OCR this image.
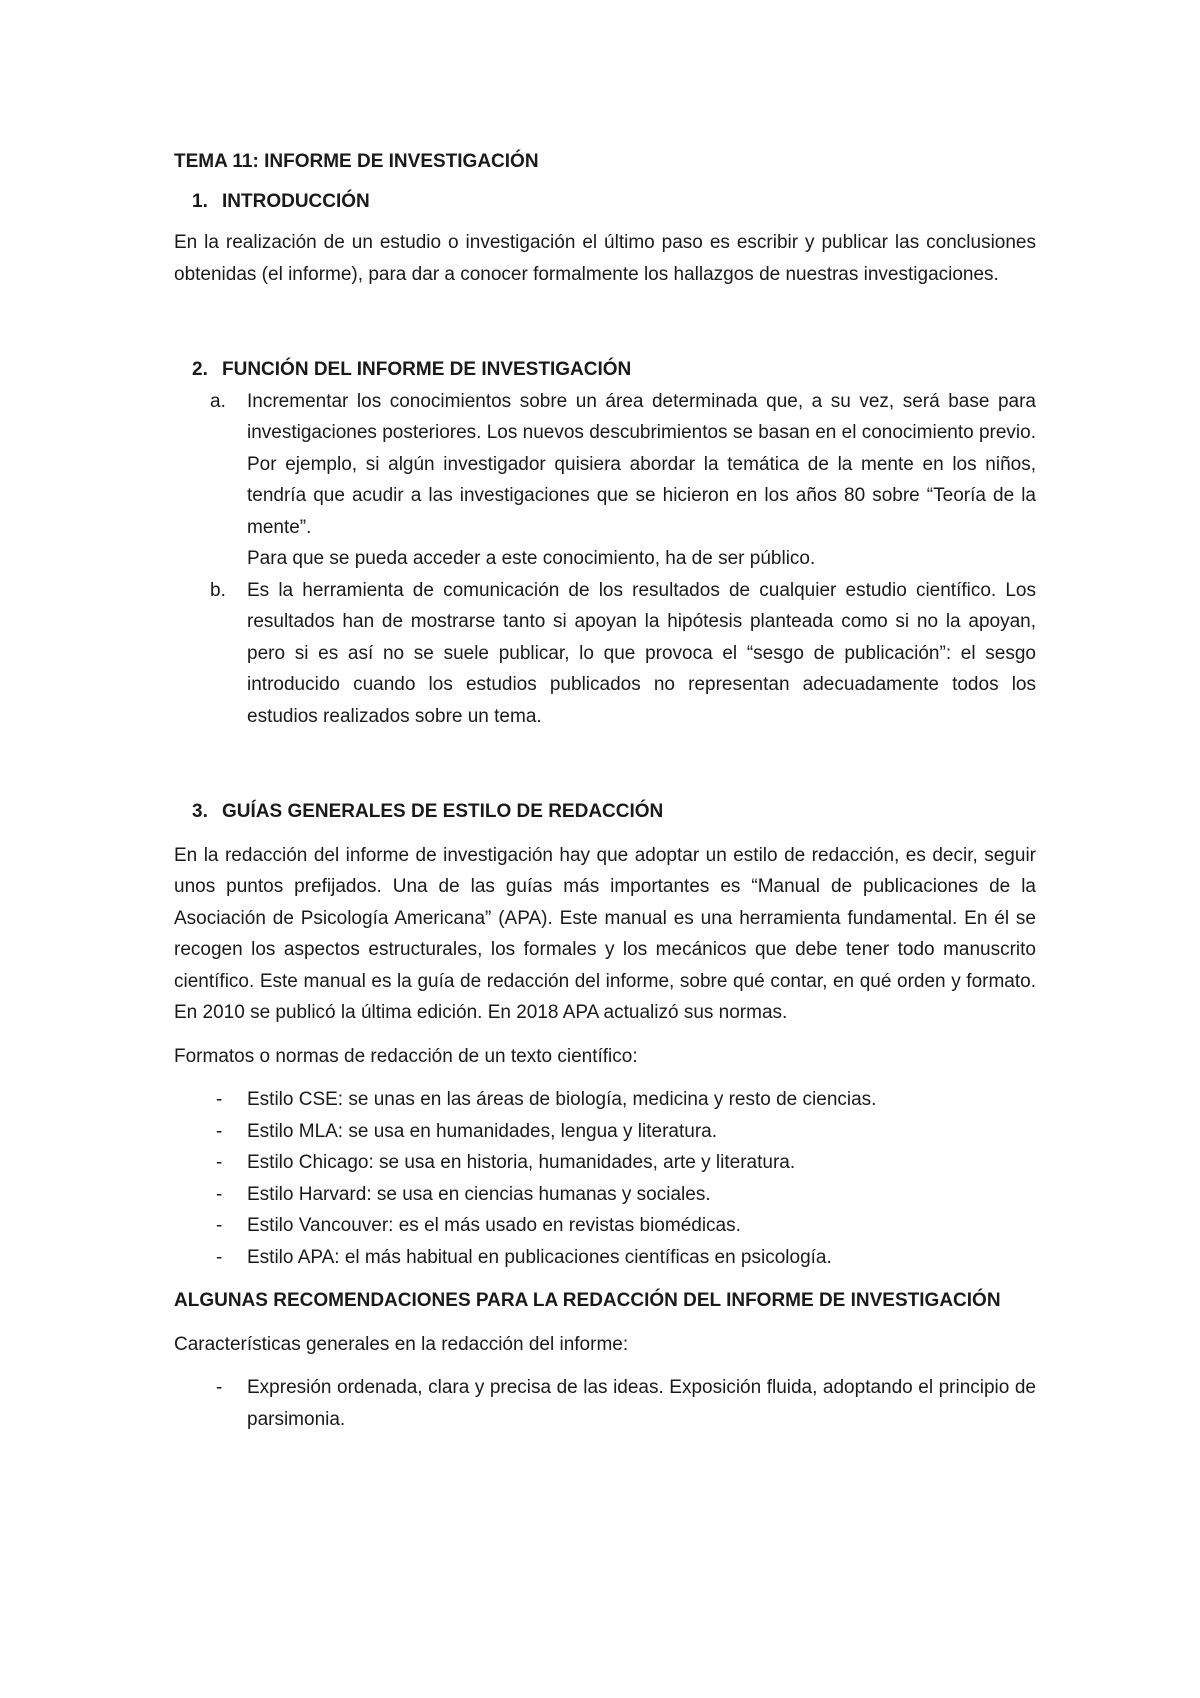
TEMA 11: INFORME DE INVESTIGACIÓN

1. INTRODUCCIÓN

En la realización de un estudio o investigación el último paso es escribir y publicar las conclusiones obtenidas (el informe), para dar a conocer formalmente los hallazgos de nuestras investigaciones.

2. FUNCIÓN DEL INFORME DE INVESTIGACIÓN
a.	Incrementar los conocimientos sobre un área determinada que, a su vez, será base para investigaciones posteriores. Los nuevos descubrimientos se basan en el conocimiento previo. Por ejemplo, si algún investigador quisiera abordar la temática de la mente en los niños, tendría que acudir a las investigaciones que se hicieron en los años 80 sobre “Teoría de la mente”.

Para que se pueda acceder a este conocimiento, ha de ser público.

b.	Es la herramienta de comunicación de los resultados de cualquier estudio científico. Los resultados han de mostrarse tanto si apoyan la hipótesis planteada como si no la apoyan, pero si es así no se suele publicar, lo que provoca el “sesgo de publicación”: el sesgo introducido cuando los estudios publicados no representan adecuadamente todos los estudios realizados sobre un tema.

3. GUÍAS GENERALES DE ESTILO DE REDACCIÓN

En la redacción del informe de investigación hay que adoptar un estilo de redacción, es decir, seguir unos puntos prefijados. Una de las guías más importantes es “Manual de publicaciones de la Asociación de Psicología Americana” (APA). Este manual es una herramienta fundamental. En él se recogen los aspectos estructurales, los formales y los mecánicos que debe tener todo manuscrito científico. Este manual es la guía de redacción del informe, sobre qué contar, en qué orden y formato. En 2010 se publicó la última edición. En 2018 APA actualizó sus normas.

Formatos o normas de redacción de un texto científico:

-	Estilo CSE: se unas en las áreas de biología, medicina y resto de ciencias.
-	Estilo MLA: se usa en humanidades, lengua y literatura.
-	Estilo Chicago: se usa en historia, humanidades, arte y literatura.
-	Estilo Harvard: se usa en ciencias humanas y sociales.
-	Estilo Vancouver: es el más usado en revistas biomédicas.
-	Estilo APA: el más habitual en publicaciones científicas en psicología.

ALGUNAS RECOMENDACIONES PARA LA REDACCIÓN DEL INFORME DE INVESTIGACIÓN

Características generales en la redacción del informe:

-	Expresión ordenada, clara y precisa de las ideas. Exposición fluida, adoptando el principio de parsimonia.
